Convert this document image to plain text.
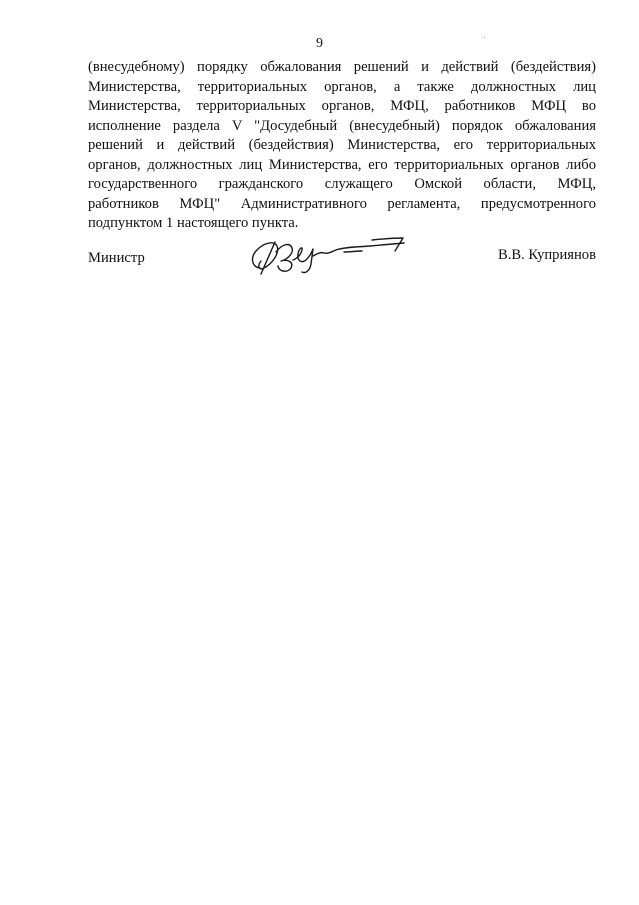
9
(внесудебному) порядку обжалования решений и действий (бездействия)
Министерства, территориальных органов, а также должностных лиц
Министерства, территориальных органов, МФЦ, работников МФЦ во
исполнение раздела V "Досудебный (внесудебный) порядок обжалования
решений и действий (бездействия) Министерства, его территориальных
органов, должностных лиц Министерства, его территориальных органов либо
государственного гражданского служащего Омской области, МФЦ,
работников МФЦ" Административного регламента, предусмотренного
подпунктом 1 настоящего пункта.
Министр	В.В. Куприянов
